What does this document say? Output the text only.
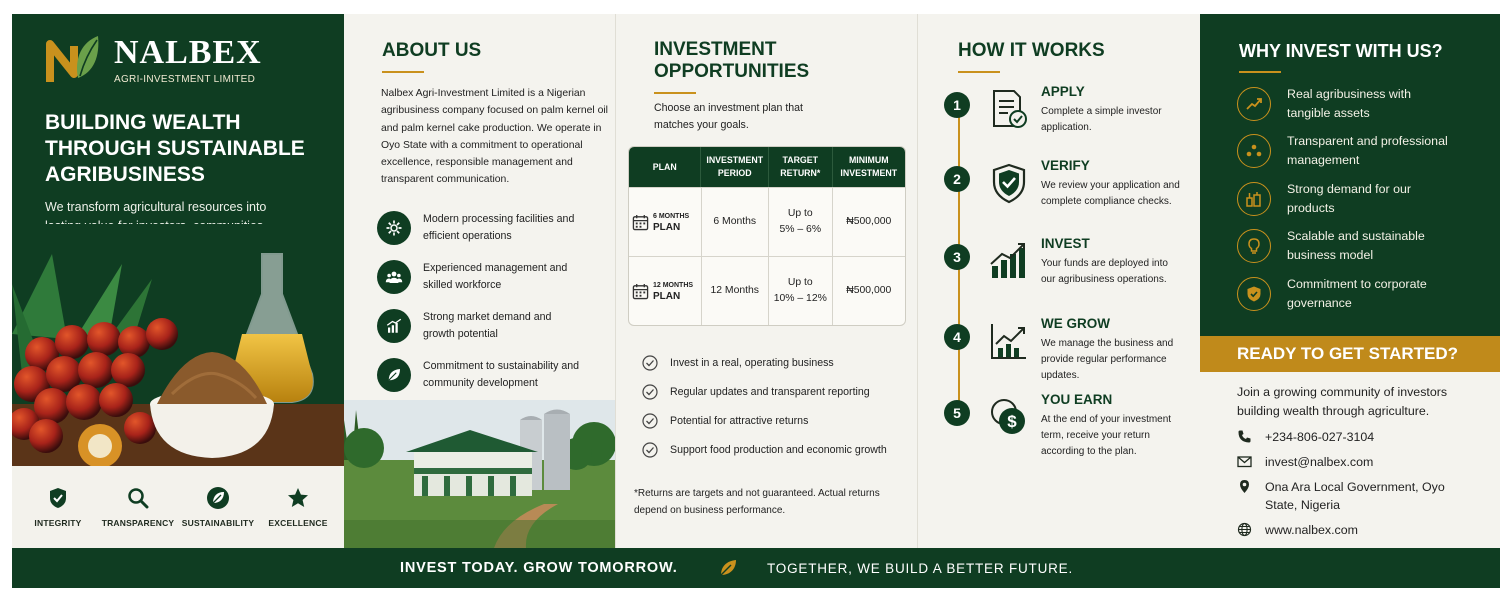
NALBEX
AGRI-INVESTMENT LIMITED
BUILDING WEALTH THROUGH SUSTAINABLE AGRIBUSINESS
We transform agricultural resources into
INTEGRITY TRANSPARENCY SUSTAINABILITY EXCELLENCE
ABOUT US
Nalbex Agri-Investment Limited is a Nigerian agribusiness company focused on palm kernel oil and palm kernel cake production. We operate in Oyo State with a commitment to operational excellence, responsible management and transparent communication.
Modern processing facilities and efficient operations
Experienced management and skilled workforce
Strong market demand and growth potential
Commitment to sustainability and community development
INVESTMENT OPPORTUNITIES
Choose an investment plan that matches your goals.
PLAN
INVESTMENT PERIOD
TARGET RETURN*
MINIMUM INVESTMENT
6 MONTHS
PLAN
6 Months
Up to
5% – 6%
₦500,000
12 MONTHS
PLAN
12 Months
Up to
10% – 12%
₦500,000
Invest in a real, operating business
Regular updates and transparent reporting
Potential for attractive returns
Support food production and economic growth
*Returns are targets and not guaranteed. Actual returns depend on business performance.
HOW IT WORKS
1
APPLY
Complete a simple investor application.
2
VERIFY
We review your application and complete compliance checks.
3
INVEST
Your funds are deployed into our agribusiness operations.
4
WE GROW
We manage the business and provide regular performance updates.
5	$
YOU EARN
At the end of your investment term, receive your return according to the plan.
WHY INVEST WITH US?
Real agribusiness with tangible assets
Transparent and professional management
Strong demand for our products
Scalable and sustainable business model
Commitment to corporate governance
READY TO GET STARTED?
Join a growing community of investors building wealth through agriculture.
+234-806-027-3104
invest@nalbex.com
Ona Ara Local Government, Oyo State, Nigeria
www.nalbex.com
INVEST TODAY. GROW TOMORROW.	TOGETHER, WE BUILD A BETTER FUTURE.
